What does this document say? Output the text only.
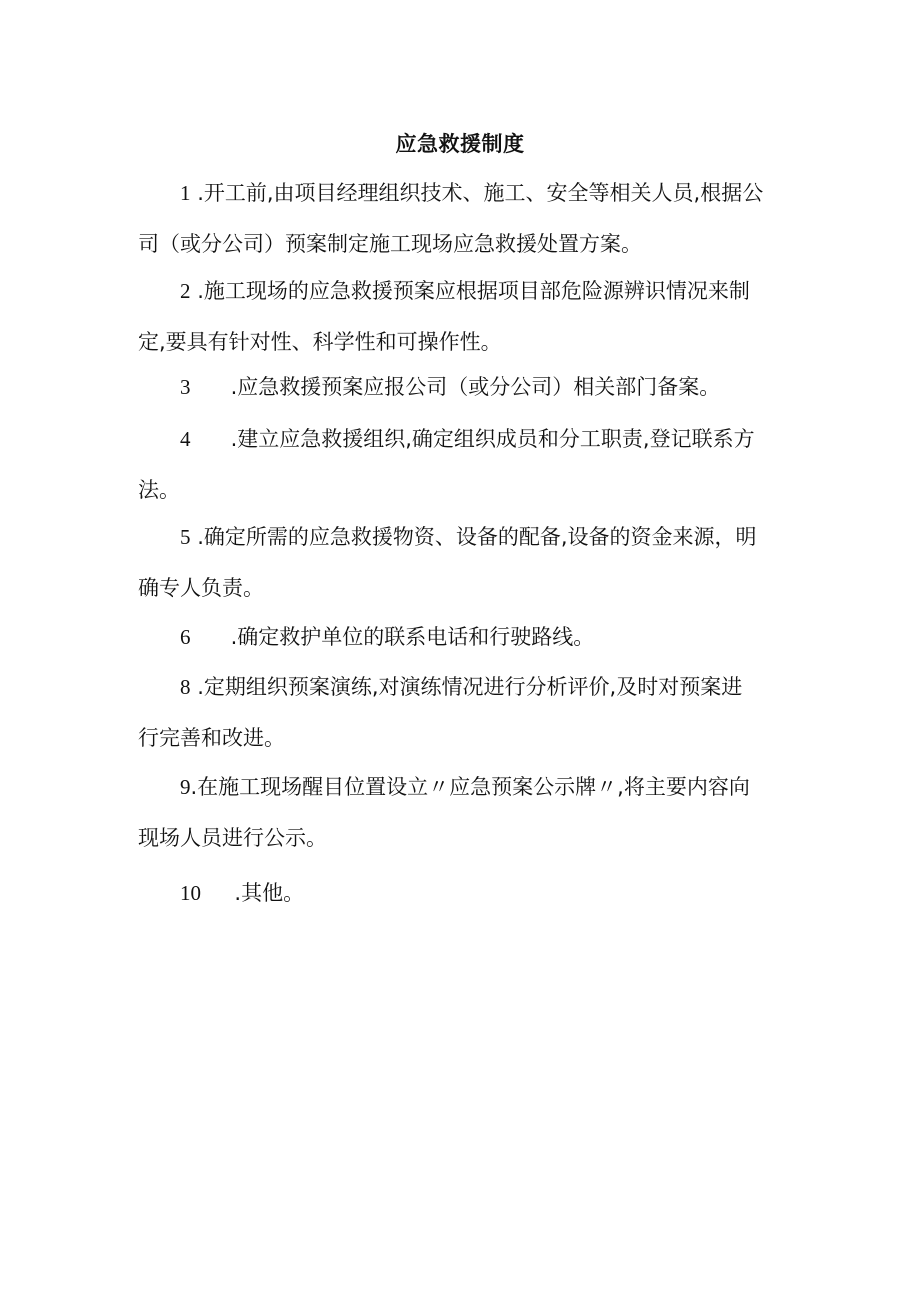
应急救援制度
1 .开工前,由项目经理组织技术、施工、安全等相关人员,根据公
司（或分公司）预案制定施工现场应急救援处置方案。
2 .施工现场的应急救援预案应根据项目部危险源辨识情况来制
定,要具有针对性、科学性和可操作性。
3 .应急救援预案应报公司（或分公司）相关部门备案。
4 .建立应急救援组织,确定组织成员和分工职责,登记联系方
法。
5 .确定所需的应急救援物资、设备的配备,设备的资金来源，明
确专人负责。
6 .确定救护单位的联系电话和行驶路线。
8 .定期组织预案演练,对演练情况进行分析评价,及时对预案进
行完善和改进。
9.在施工现场醒目位置设立〃应急预案公示牌〃,将主要内容向
现场人员进行公示。
10 .其他。
